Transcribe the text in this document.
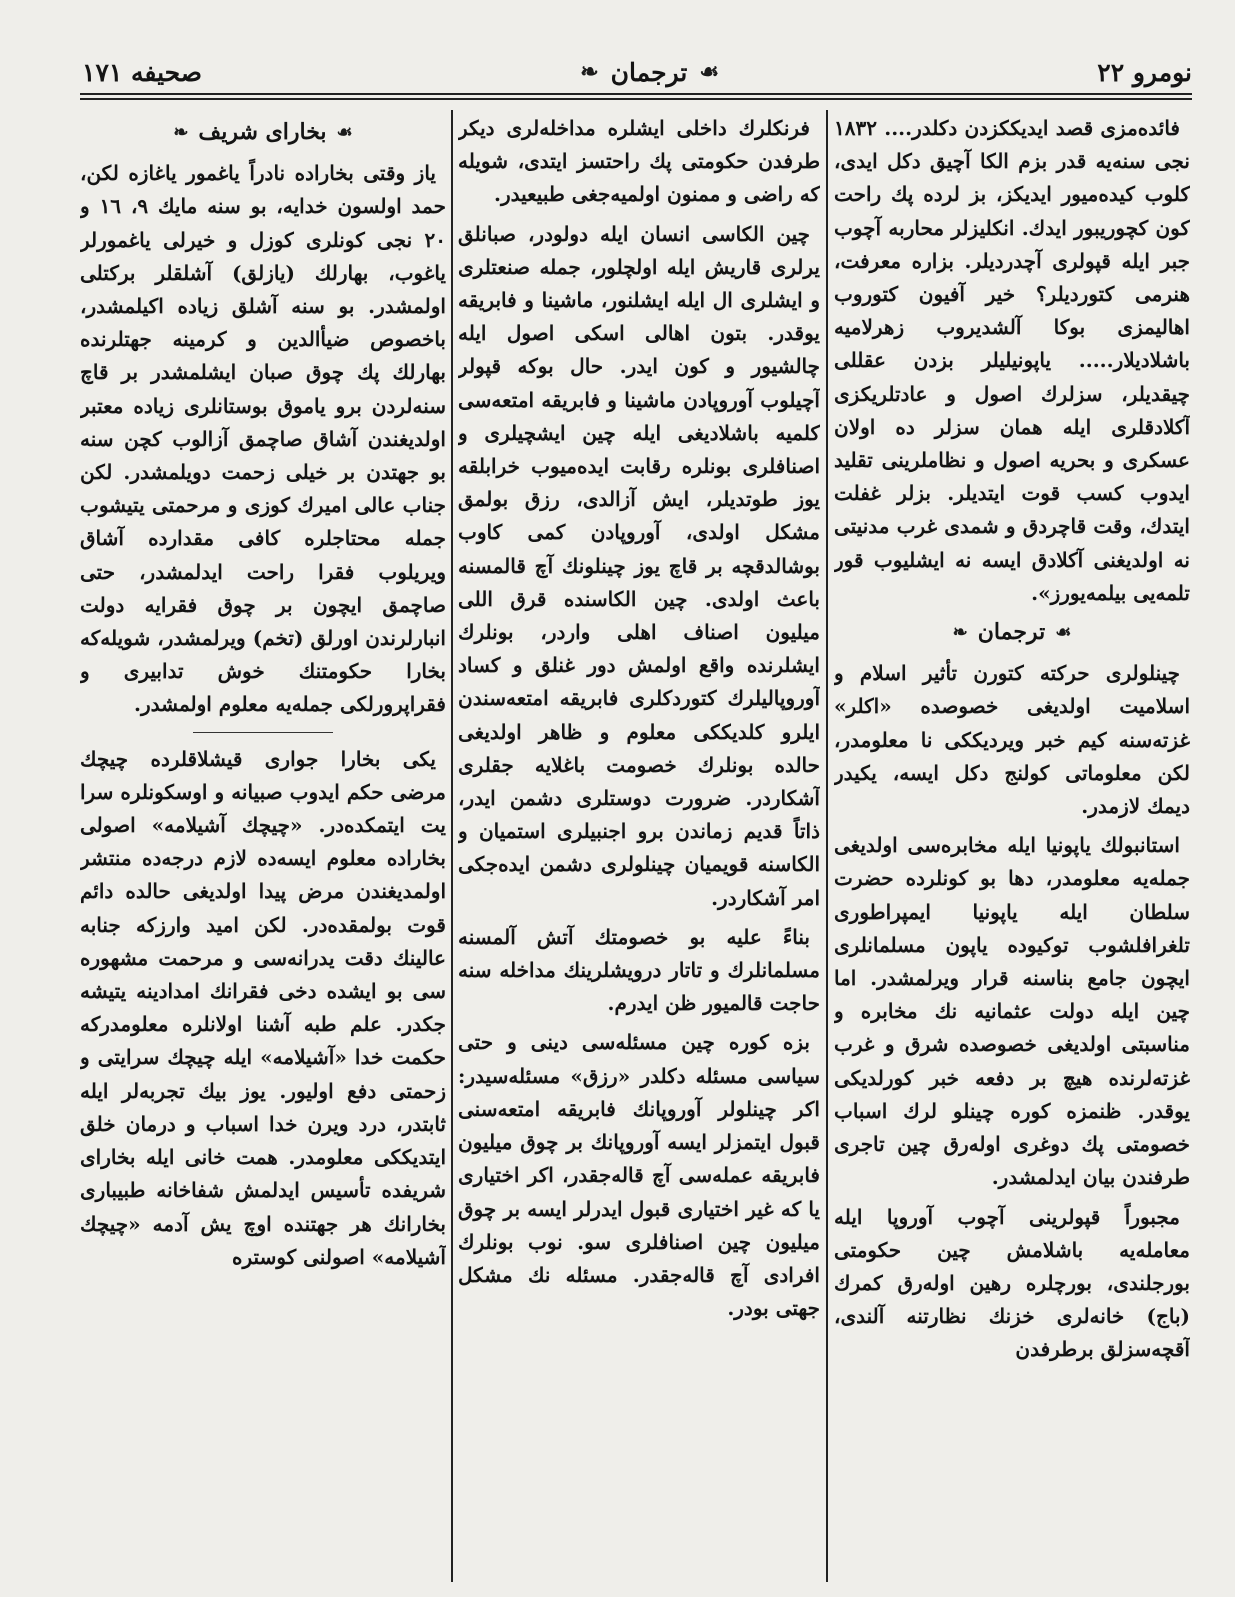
نومرو ٢٢
☙
ترجمان
❧
صحیفه ١٧١

فائده‌مزی قصد ایدیککزدن دکلدر.... ١٨٣٢ نجی سنه‌یه قدر بزم الکا آچیق دکل ایدی، کلوب کیده‌میور ایدیکز، بز لرده پك راحت کون کچوریبور ایدك. انکلیزلر محاربه آچوب جبر ایله قپولری آچدردیلر. بزاره معرفت، هنرمی کتوردیلر؟ خیر آفیون کتوروب اهالیمزی بوکا آلشدیروب زهرلامیه باشلادیلار..... یاپونیلیلر بزدن عقللی چیقدیلر، سزلرك اصول و عادتلریکزی آکلادقلری ایله همان سزلر ده اولان عسکری و بحریه اصول و نظاملرینی تقلید ایدوب کسب قوت ایتدیلر. بزلر غفلت ایتدك، وقت قاچردق و شمدی غرب مدنیتی نه اولدیغنی آکلادق ایسه نه ایشلیوب قور تلمه‌یی بیلمه‌یورز».

☙
ترجمان
❧

چینلولری حرکته کتورن تأثیر اسلام و اسلامیت اولدیغی خصوصده «اکلر» غزته‌سنه کیم خبر ویردیککی نا معلومدر، لکن معلوماتی کولنج دکل ایسه، یکیدر دیمك لازمدر.

استانبولك یاپونیا ایله مخابره‌سی اولدیغی جمله‌یه معلومدر، دها بو کونلرده حضرت سلطان ایله یاپونیا ایمپراطوری تلغرافلشوب توکیوده یاپون مسلمانلری ایچون جامع بناسنه قرار ویرلمشدر. اما چین ایله دولت عثمانیه نك مخابره و مناسبتی اولدیغی خصوصده شرق و غرب غزته‌لرنده هیچ بر دفعه خبر کورلدیکی یوقدر. ظنمزه کوره چینلو لرك اسباب خصومتی پك دوغری اوله‌رق چین تاجری طرفندن بیان ایدلمشدر.

مجبوراً قپولرینی آچوب آوروپا ایله معامله‌یه باشلامش چین حکومتی بورجلندی، بورچلره رهین اوله‌رق کمرك (باج) خانه‌لری خزنك نظارتنه آلندی، آقچه‌سزلق برطرفدن

فرنکلرك داخلی ایشلره مداخله‌لری دیکر طرفدن حکومتی پك راحتسز ایتدی، شویله که راضی و ممنون اولمیه‌جغی طبیعیدر.

چین الکاسی انسان ایله دولودر، صبانلق یرلری قاریش ایله اولچلور، جمله صنعتلری و ایشلری ال ایله ایشلنور، ماشینا و فابریقه یوقدر. بتون اهالی اسکی اصول ایله چالشیور و کون ایدر. حال بوکه قپولر آچیلوب آوروپادن ماشینا و فابریقه امتعه‌سی کلمیه باشلادیغی ایله چین ایشچیلری و اصنافلری بونلره رقابت ایده‌میوب خرابلقه یوز طوتدیلر، ایش آزالدی، رزق بولمق مشکل اولدی، آوروپادن کمی کاوب بوشالدقچه بر قاچ یوز چینلونك آچ قالمسنه باعث اولدی. چین الکاسنده قرق اللی میلیون اصناف اهلی واردر، بونلرك ایشلرنده واقع اولمش دور غنلق و کساد آوروپالیلرك کتوردکلری فابریقه امتعه‌سندن ایلرو کلدیککی معلوم و ظاهر اولدیغی حالده بونلرك خصومت باغلایه جقلری آشکاردر. ضرورت دوستلری دشمن ایدر، ذاتاً قدیم زماندن برو اجنبیلری استمیان و الکاسنه قویمیان چینلولری دشمن ایده‌جکی امر آشکاردر.

بناءً علیه بو خصومتك آتش آلمسنه مسلمانلرك و تاتار درویشلرینك مداخله سنه حاجت قالمیور ظن ایدرم.

بزه کوره چین مسئله‌سی دینی و حتی سیاسی مسئله دکلدر «رزق» مسئله‌سیدر: اکر چینلولر آوروپانك فابریقه امتعه‌سنی قبول ایتمزلر ایسه آوروپانك بر چوق میلیون فابریقه عمله‌سی آچ قاله‌جقدر، اکر اختیاری یا که غیر اختیاری قبول ایدرلر ایسه بر چوق میلیون چین اصنافلری سو. نوب بونلرك افرادی آچ قاله‌جقدر. مسئله نك مشکل جهتی بودر.

☙
بخارای شریف
❧

یاز وقتی بخاراده نادراً یاغمور یاغازه لکن، حمد اولسون خدایه، بو سنه مایك ٩، ١٦ و ٢٠ نجی کونلری کوزل و خیرلی یاغمورلر یاغوب، بهارلك (یازلق) آشلقلر برکتلی اولمشدر. بو سنه آشلق زیاده اکیلمشدر، باخصوص ضیأالدین و کرمینه جهتلرنده بهارلك پك چوق صبان ایشلمشدر بر قاچ سنه‌لردن برو یاموق بوستانلری زیاده معتبر اولدیغندن آشاق صاچمق آزالوب کچن سنه بو جهتدن بر خیلی زحمت دویلمشدر. لکن جناب عالی امیرك کوزی و مرحمتی یتیشوب جمله محتاجلره کافی مقدارده آشاق ویریلوب فقرا راحت ایدلمشدر، حتی صاچمق ایچون بر چوق فقرایه دولت انبارلرندن اورلق (تخم) ویرلمشدر، شویله‌که بخارا حکومتنك خوش تدابیری و فقراپرورلکی جمله‌یه معلوم اولمشدر.

یکی بخارا جواری قیشلاقلرده چیچك مرضی حکم ایدوب صبیانه و اوسکونلره سرا یت ایتمکده‌در. «چیچك آشیلامه» اصولی بخاراده معلوم ایسه‌ده لازم درجه‌ده منتشر اولمدیغندن مرض پیدا اولدیغی حالده دائم قوت بولمقده‌در. لکن امید وارزکه جنابه عالینك دقت یدرانه‌سی و مرحمت مشهوره سی بو ایشده دخی فقرانك امدادینه یتیشه جکدر. علم طبه آشنا اولانلره معلومدرکه حکمت خدا «آشیلامه» ایله چیچك سرایتی و زحمتی دفع اولیور. یوز بیك تجربه‌لر ایله ثابتدر، درد ویرن خدا اسباب و درمان خلق ایتدیککی معلومدر. همت خانی ایله بخارای شریفده تأسیس ایدلمش شفاخانه طبیباری بخارانك هر جهتنده اوچ یش آدمه «چیچك آشیلامه» اصولنی کوستره
